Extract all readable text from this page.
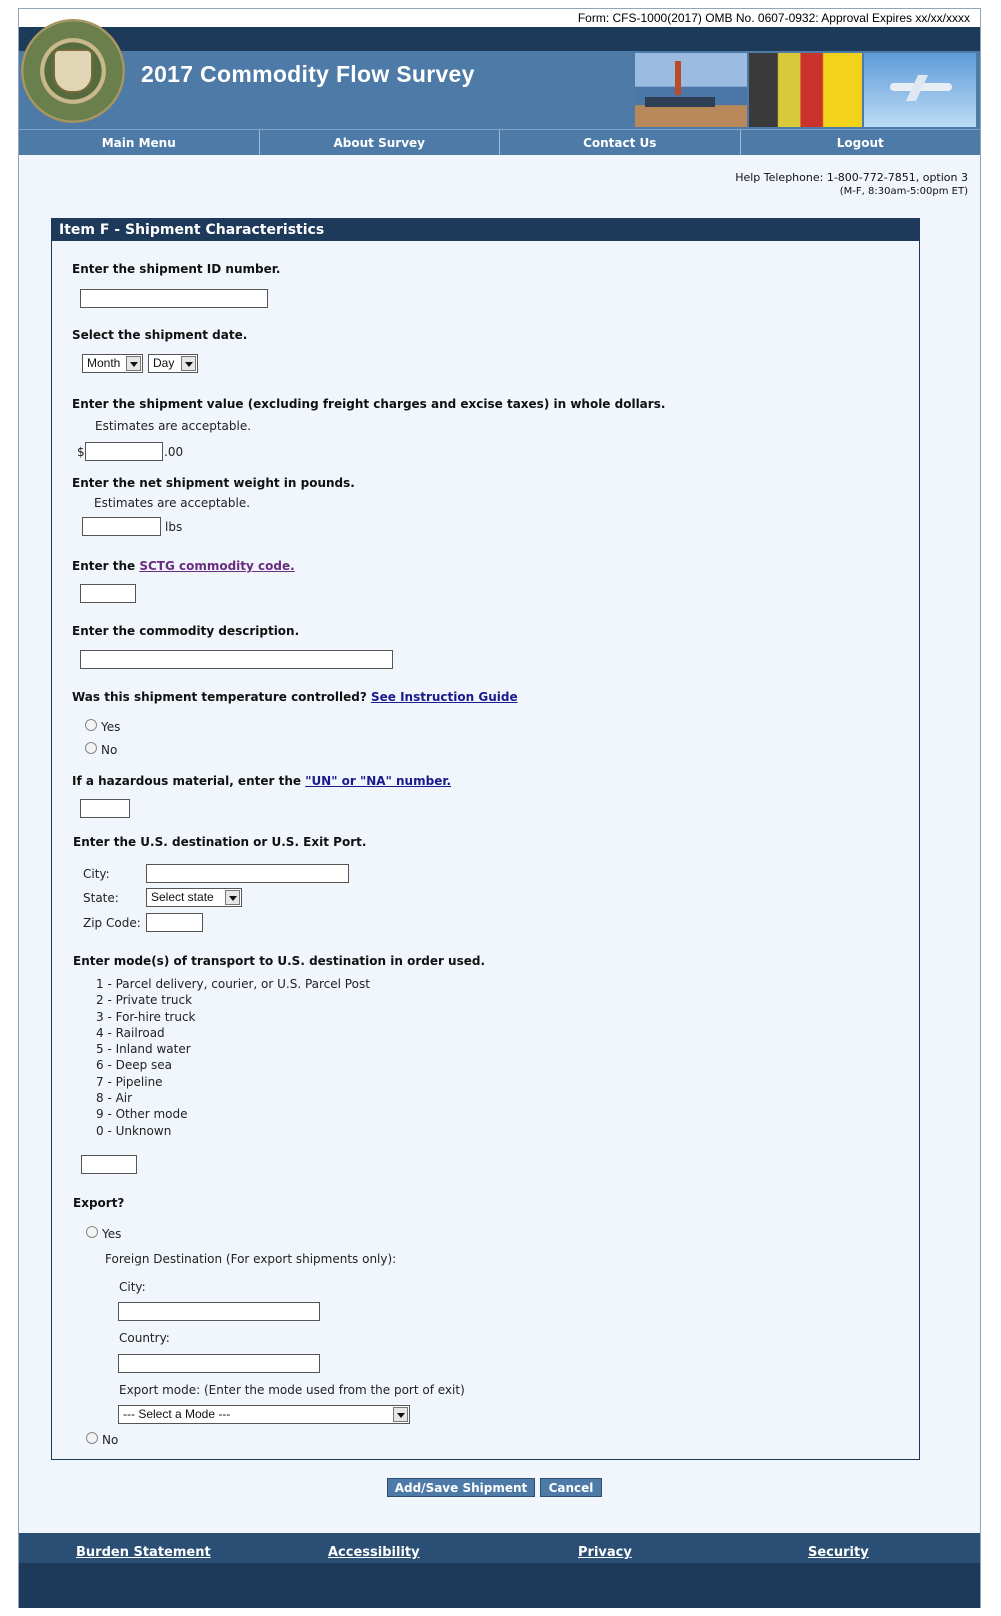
Form: CFS-1000(2017) OMB No. 0607-0932: Approval Expires xx/xx/xxxx
2017 Commodity Flow Survey
Main Menu	About Survey	Contact Us	Logout
Help Telephone: 1-800-772-7851, option 3
(M-F, 8:30am-5:00pm ET)
Item F - Shipment Characteristics
Enter the shipment ID number.
Select the shipment date.
Month	Day
Enter the shipment value (excluding freight charges and excise taxes) in whole dollars.
Estimates are acceptable.
$	.00
Enter the net shipment weight in pounds.
Estimates are acceptable.
lbs
Enter the SCTG commodity code.
Enter the commodity description.
Was this shipment temperature controlled? See Instruction Guide
Yes
No
If a hazardous material, enter the "UN" or "NA" number.
Enter the U.S. destination or U.S. Exit Port.
City:
State:	Select state
Zip Code:
Enter mode(s) of transport to U.S. destination in order used.
1 - Parcel delivery, courier, or U.S. Parcel Post
2 - Private truck
3 - For-hire truck
4 - Railroad
5 - Inland water
6 - Deep sea
7 - Pipeline
8 - Air
9 - Other mode
0 - Unknown
Export?
Yes
Foreign Destination (For export shipments only):
City:
Country:
Export mode: (Enter the mode used from the port of exit)
--- Select a Mode ---
No
Add/Save Shipment	Cancel
Burden Statement	Accessibility	Privacy	Security
